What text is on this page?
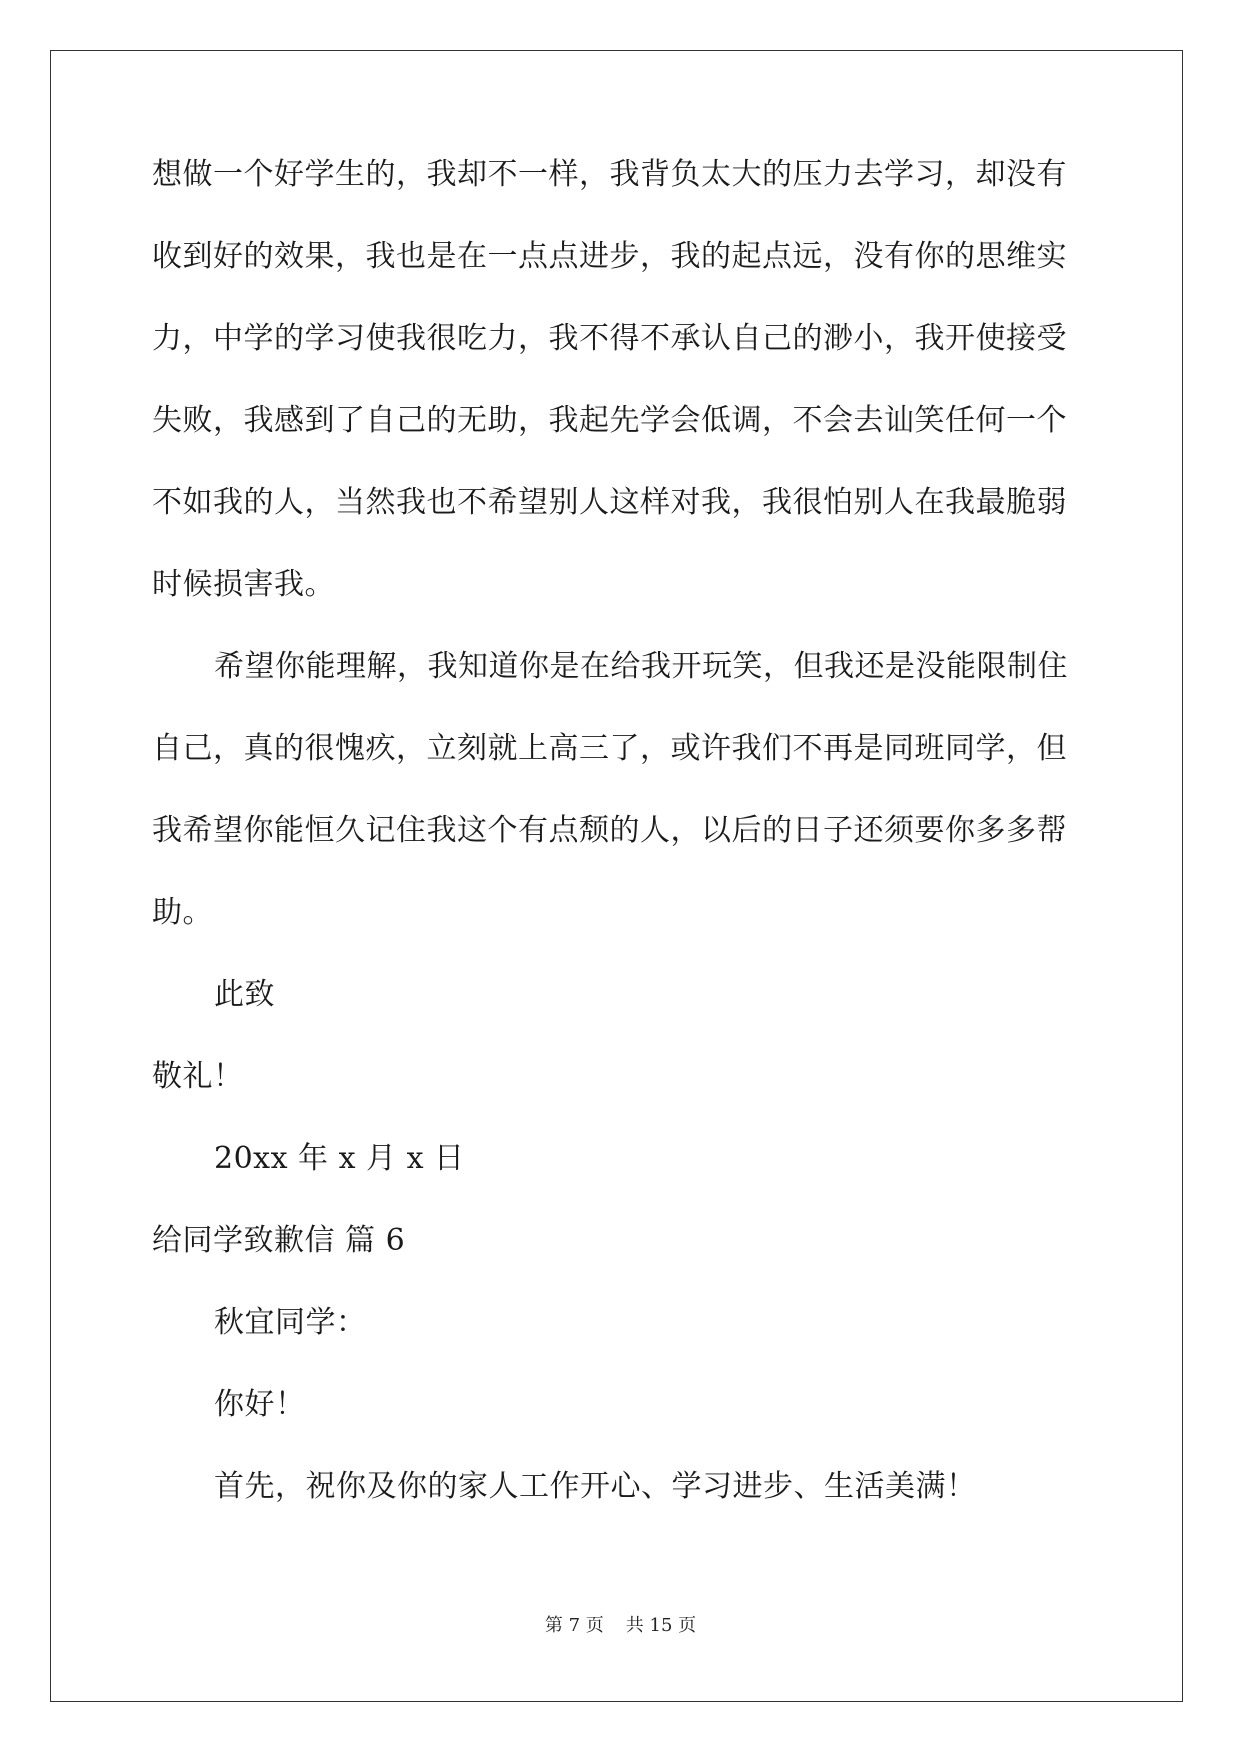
想做一个好学生的，我却不一样，我背负太大的压力去学习，却没有

收到好的效果，我也是在一点点进步，我的起点远，没有你的思维实

力，中学的学习使我很吃力，我不得不承认自己的渺小，我开使接受

失败，我感到了自己的无助，我起先学会低调，不会去讪笑任何一个

不如我的人，当然我也不希望别人这样对我，我很怕别人在我最脆弱

时候损害我。

希望你能理解，我知道你是在给我开玩笑，但我还是没能限制住

自己，真的很愧疚，立刻就上高三了，或许我们不再是同班同学，但

我希望你能恒久记住我这个有点颓的人，以后的日子还须要你多多帮

助。

此致

敬礼！

20xx 年 x 月 x 日

给同学致歉信 篇 6

秋宜同学：

你好！

首先，祝你及你的家人工作开心、学习进步、生活美满！

第 7 页 共 15 页
